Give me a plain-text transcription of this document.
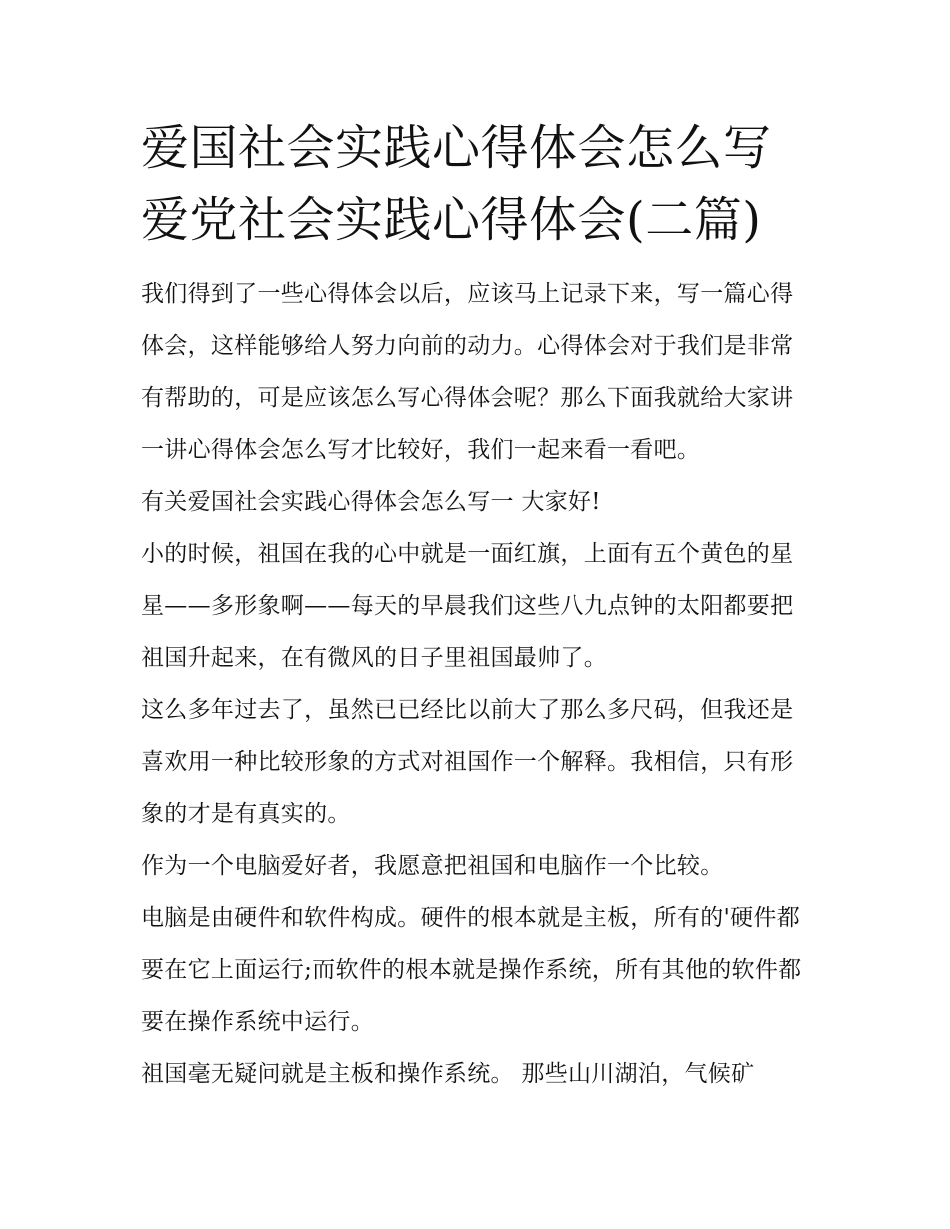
爱国社会实践心得体会怎么写
爱党社会实践心得体会(二篇)

我们得到了一些心得体会以后，应该马上记录下来，写一篇心得体会，这样能够给人努力向前的动力。心得体会对于我们是非常有帮助的，可是应该怎么写心得体会呢？那么下面我就给大家讲一讲心得体会怎么写才比较好，我们一起来看一看吧。

有关爱国社会实践心得体会怎么写一 大家好!

小的时候，祖国在我的心中就是一面红旗，上面有五个黄色的星星——多形象啊——每天的早晨我们这些八九点钟的太阳都要把祖国升起来，在有微风的日子里祖国最帅了。

这么多年过去了，虽然已已经比以前大了那么多尺码，但我还是喜欢用一种比较形象的方式对祖国作一个解释。我相信，只有形象的才是有真实的。

作为一个电脑爱好者，我愿意把祖国和电脑作一个比较。

电脑是由硬件和软件构成。硬件的根本就是主板，所有的'硬件都要在它上面运行;而软件的根本就是操作系统，所有其他的软件都要在操作系统中运行。

祖国毫无疑问就是主板和操作系统。 那些山川湖泊，气候矿
